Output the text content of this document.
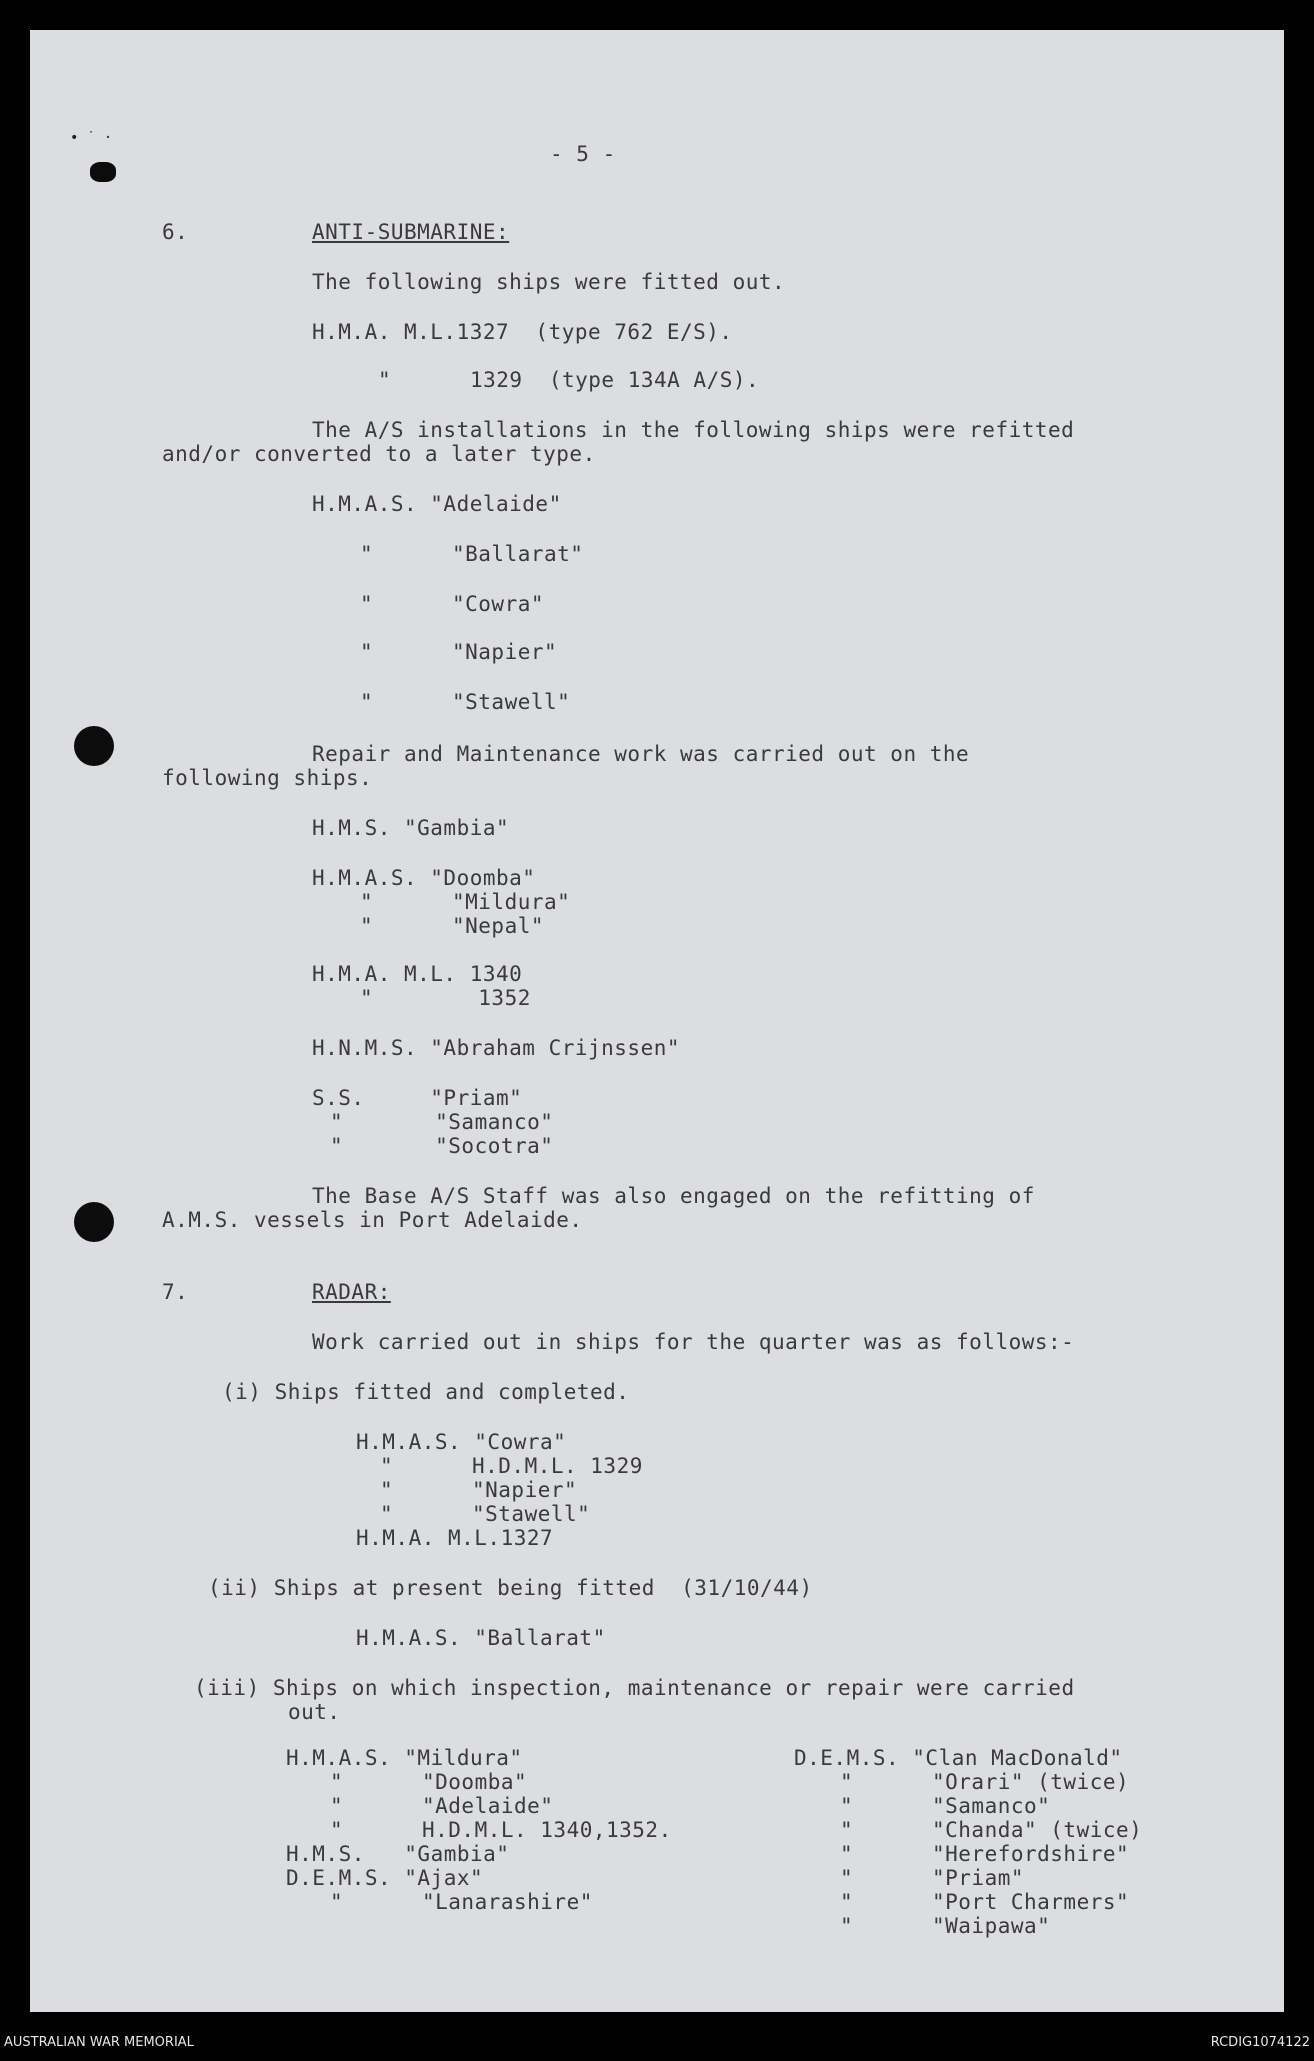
• ˙ ·
- 5 -
6.	ANTI-SUBMARINE:
The following ships were fitted out.
H.M.A. M.L.1327  (type 762 E/S).
"      1329  (type 134A A/S).
The A/S installations in the following ships were refitted
and/or converted to a later type.
H.M.A.S. "Adelaide"
"      "Ballarat"
"      "Cowra"
"      "Napier"
"      "Stawell"
Repair and Maintenance work was carried out on the
following ships.
H.M.S. "Gambia"
H.M.A.S. "Doomba"
"      "Mildura"
"      "Nepal"
H.M.A. M.L. 1340
"        1352
H.N.M.S. "Abraham Crijnssen"
S.S.     "Priam"
"       "Samanco"
"       "Socotra"
The Base A/S Staff was also engaged on the refitting of
A.M.S. vessels in Port Adelaide.
7.	RADAR:
Work carried out in ships for the quarter was as follows:-
(i) Ships fitted and completed.
H.M.A.S. "Cowra"
"      H.D.M.L. 1329
"      "Napier"
"      "Stawell"
H.M.A. M.L.1327
(ii) Ships at present being fitted  (31/10/44)
H.M.A.S. "Ballarat"
(iii) Ships on which inspection, maintenance or repair were carried
out.
H.M.A.S. "Mildura"
"      "Doomba"
"      "Adelaide"
"      H.D.M.L. 1340,1352.
H.M.S.   "Gambia"
D.E.M.S. "Ajax"
"      "Lanarashire"
D.E.M.S. "Clan MacDonald"
"      "Orari" (twice)
"      "Samanco"
"      "Chanda" (twice)
"      "Herefordshire"
"      "Priam"
"      "Port Charmers"
"      "Waipawa"
AUSTRALIAN WAR MEMORIAL	RCDIG1074122
